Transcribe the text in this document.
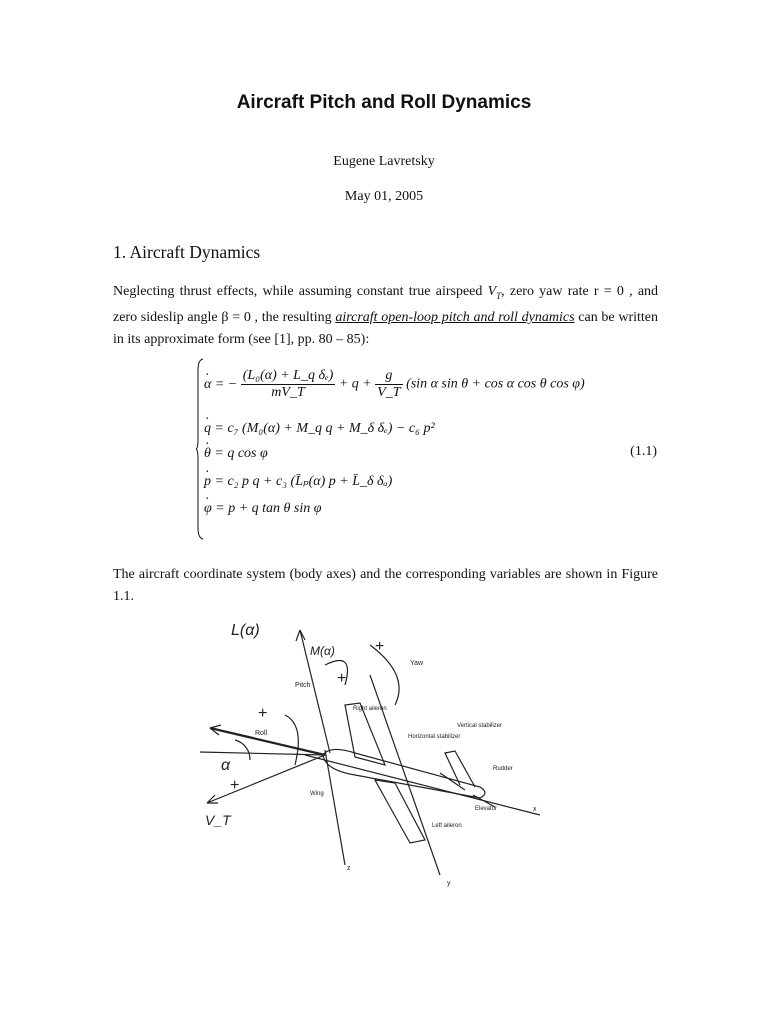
Aircraft Pitch and Roll Dynamics
Eugene Lavretsky
May 01, 2005
1. Aircraft Dynamics
Neglecting thrust effects, while assuming constant true airspeed $V_T$, zero yaw rate r = 0 , and zero sideslip angle β = 0 , the resulting aircraft open-loop pitch and roll dynamics can be written in its approximate form (see [1], pp. 80 – 85):
· α = − $\frac{\text{(L₀(α) + L\_q δₑ)}}{mV\_T} + q + \frac{g}{V\_T} (\sin$ α sin θ + cos α cos θ cos φ)
· q = c₇ (M₀(α) + M_q q + M_δ δₑ) − c₆ p²
· θ = q cos φ
· p = c₂ p q + c₃ (L̄ₚ(α) p + L̄_δ δₐ)
· φ = p + q tan θ sin φ
(1.1)
The aircraft coordinate system (body axes) and the corresponding variables are shown in Figure 1.1.
L(α)
M(α)	+
+
+
+
Yaw
Pitch
Roll
α
V_T
Right aileron
Horizontal stabilizer
Vertical stabilizer
Rudder
Elevator
Wing
Left aileron
x
y
z
